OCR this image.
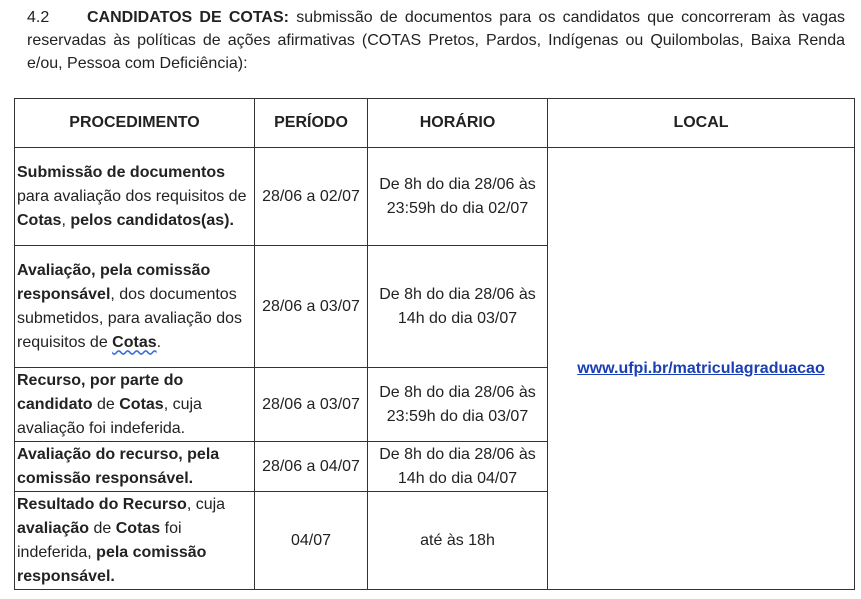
4.2 CANDIDATOS DE COTAS: submissão de documentos para os candidatos que concorreram às vagas reservadas às políticas de ações afirmativas (COTAS Pretos, Pardos, Indígenas ou Quilombolas, Baixa Renda e/ou, Pessoa com Deficiência):
PROCEDIMENTO	PERÍODO	HORÁRIO	LOCAL
Submissão de documentos para avaliação dos requisitos de Cotas, pelos candidatos(as).	28/06 a 02/07	De 8h do dia 28/06 às 23:59h do dia 02/07	www.ufpi.br/matriculagraduacao
Avaliação, pela comissão responsável, dos documentos submetidos, para avaliação dos requisitos de Cotas.	28/06 a 03/07	De 8h do dia 28/06 às 14h do dia 03/07	
Recurso, por parte do candidato de Cotas, cuja avaliação foi indeferida.	28/06 a 03/07	De 8h do dia 28/06 às 23:59h do dia 03/07	
Avaliação do recurso, pela comissão responsável.	28/06 a 04/07	De 8h do dia 28/06 às 14h do dia 04/07	
Resultado do Recurso, cuja avaliação de Cotas foi indeferida, pela comissão responsável.	04/07	até às 18h	
